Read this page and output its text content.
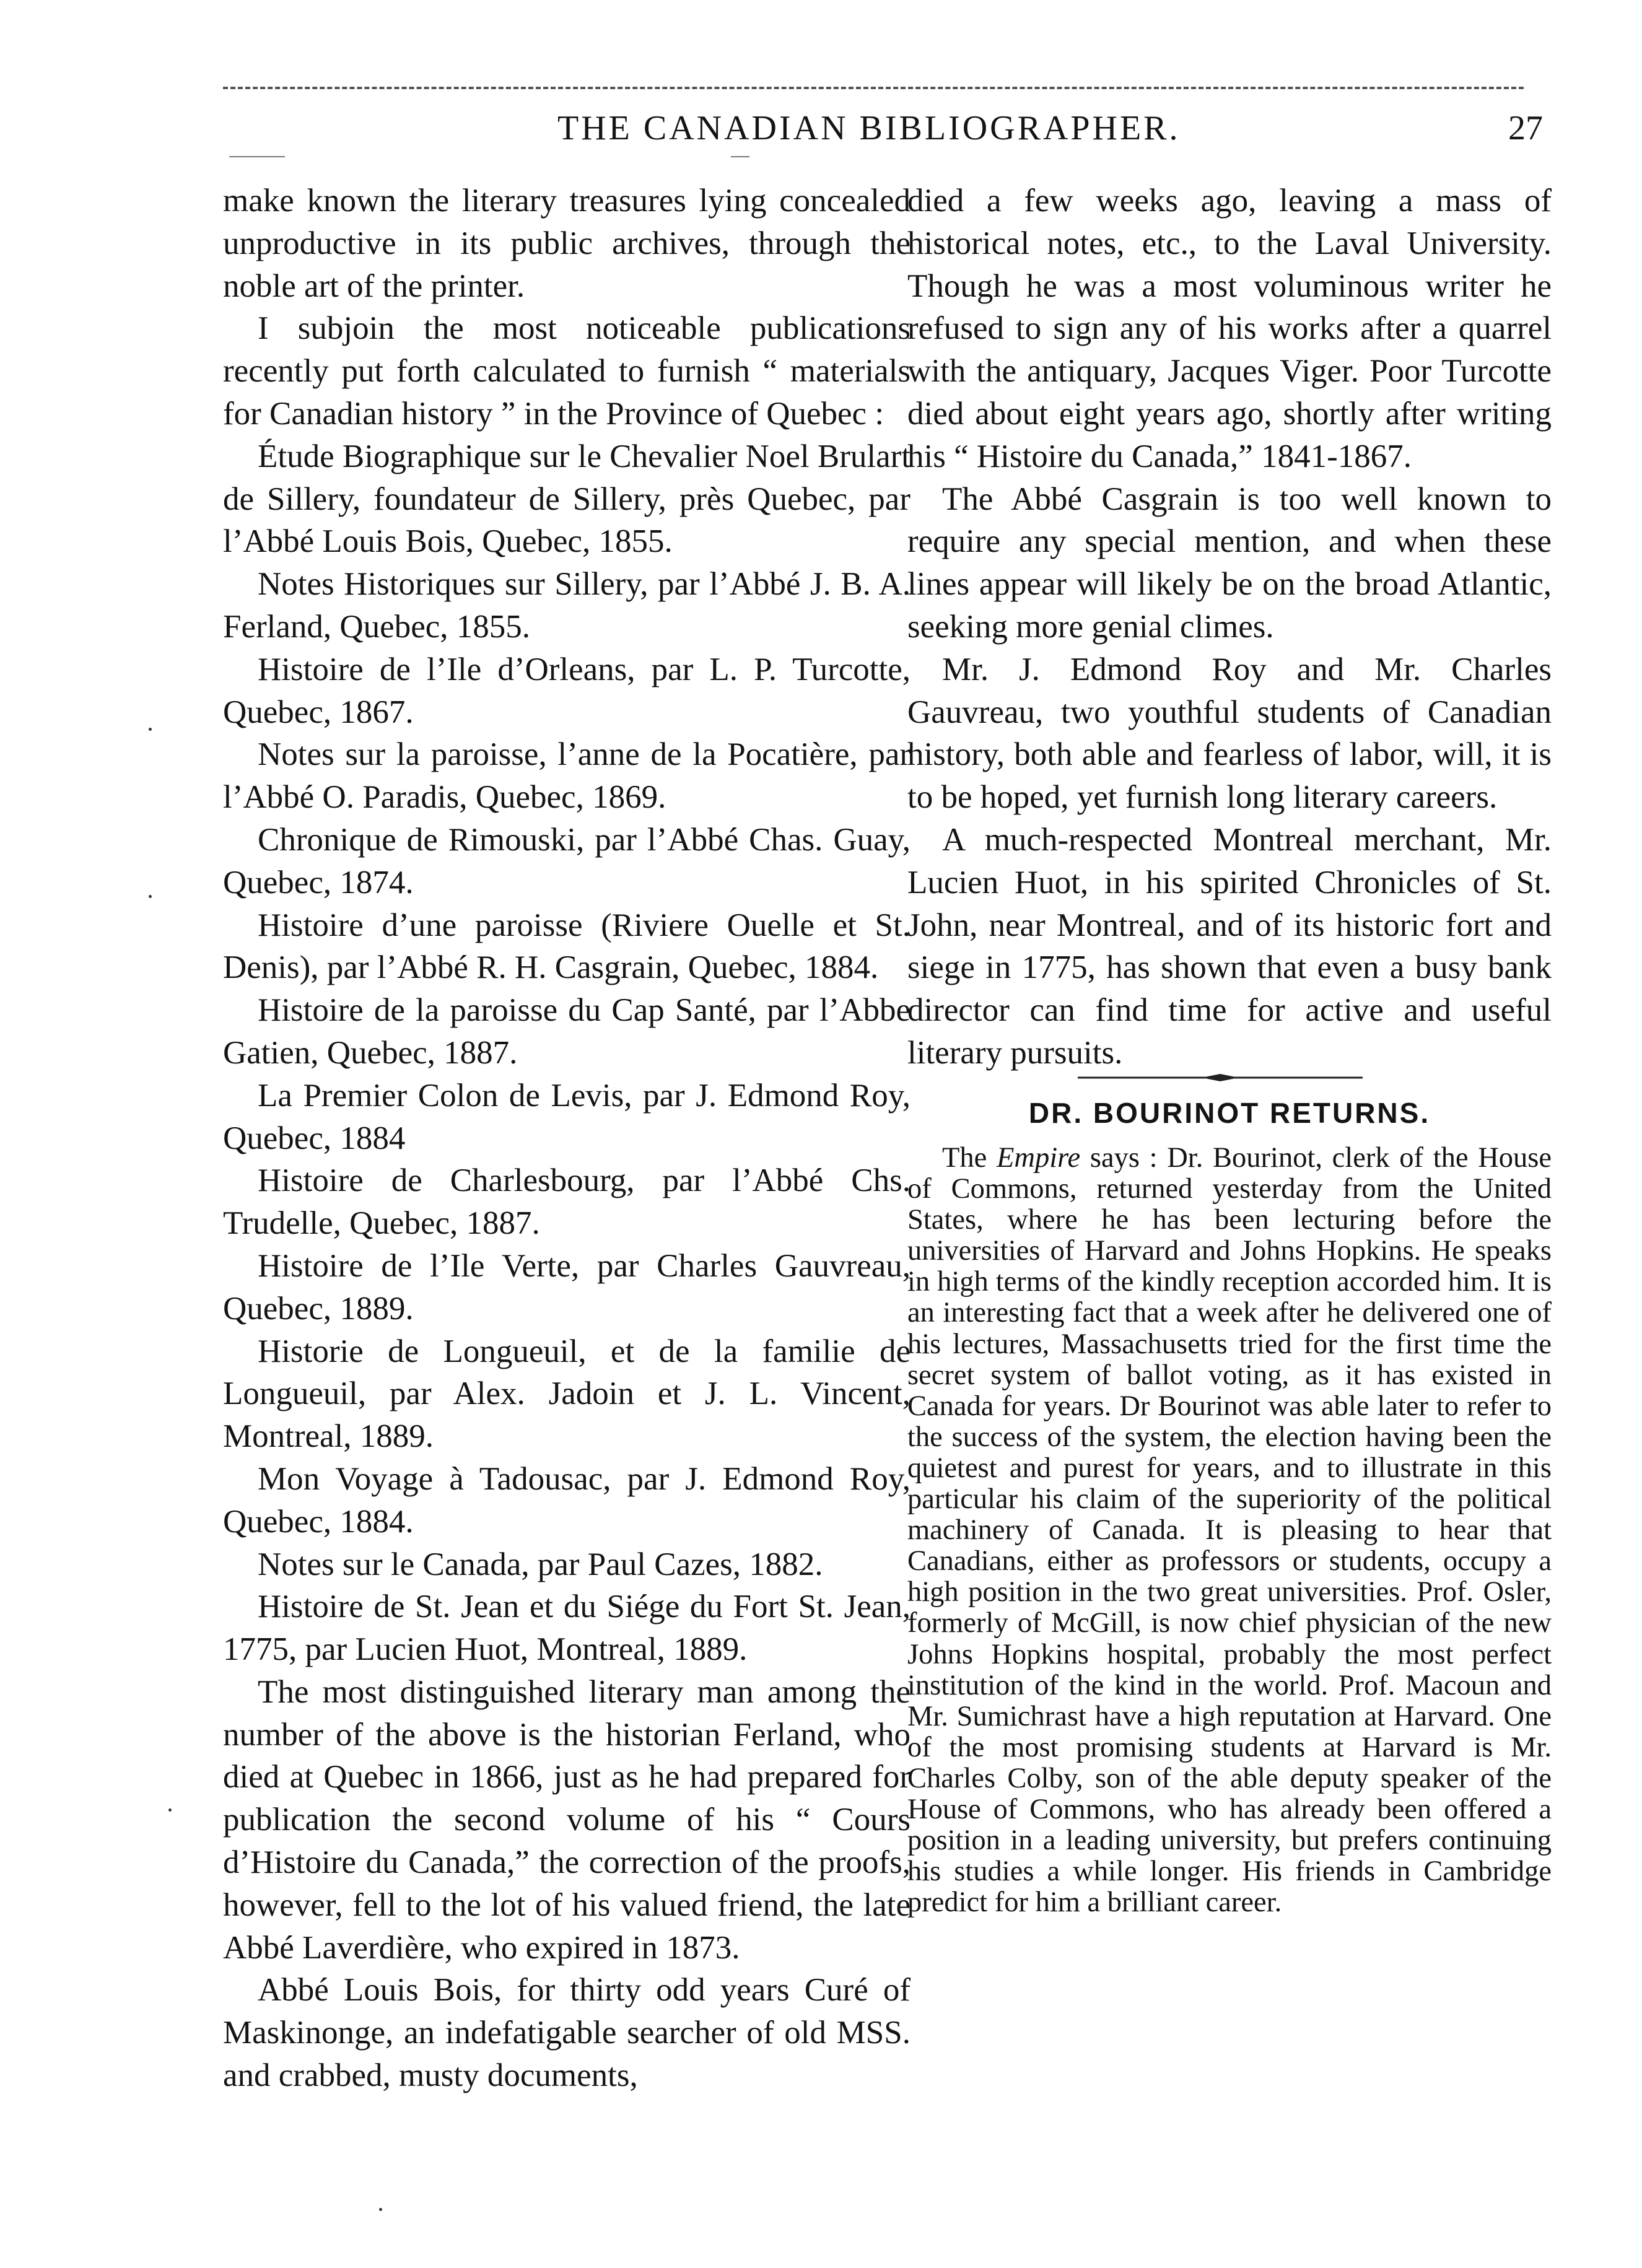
THE CANADIAN BIBLIOGRAPHER.	27

make known the literary treasures lying concealed unproductive in its public archives, through the noble art of the printer.

I subjoin the most noticeable publications recently put forth calculated to furnish “ materials for Canadian history ” in the Province of Quebec :

Étude Biographique sur le Chevalier Noel Brulart de Sillery, foundateur de Sillery, près Quebec, par l’Abbé Louis Bois, Quebec, 1855.

Notes Historiques sur Sillery, par l’Abbé J. B. A. Ferland, Quebec, 1855.

Histoire de l’Ile d’Orleans, par L. P. Turcotte, Quebec, 1867.

Notes sur la paroisse, l’anne de la Pocatière, par l’Abbé O. Paradis, Quebec, 1869.

Chronique de Rimouski, par l’Abbé Chas. Guay, Quebec, 1874.

Histoire d’une paroisse (Riviere Ouelle et St. Denis), par l’Abbé R. H. Casgrain, Quebec, 1884.

Histoire de la paroisse du Cap Santé, par l’Abbe Gatien, Quebec, 1887.

La Premier Colon de Levis, par J. Edmond Roy, Quebec, 1884

Histoire de Charlesbourg, par l’Abbé Chs. Trudelle, Quebec, 1887.

Histoire de l’Ile Verte, par Charles Gauvreau, Quebec, 1889.

Historie de Longueuil, et de la familie de Longueuil, par Alex. Jadoin et J. L. Vincent, Montreal, 1889.

Mon Voyage à Tadousac, par J. Edmond Roy, Quebec, 1884.

Notes sur le Canada, par Paul Cazes, 1882.

Histoire de St. Jean et du Siége du Fort St. Jean, 1775, par Lucien Huot, Montreal, 1889.

The most distinguished literary man among the number of the above is the historian Ferland, who died at Quebec in 1866, just as he had prepared for publication the second volume of his “ Cours d’Histoire du Canada,” the correction of the proofs, however, fell to the lot of his valued friend, the late Abbé Laverdière, who expired in 1873.

Abbé Louis Bois, for thirty odd years Curé of Maskinonge, an indefatigable searcher of old MSS. and crabbed, musty documents,

died a few weeks ago, leaving a mass of historical notes, etc., to the Laval University. Though he was a most voluminous writer he refused to sign any of his works after a quarrel with the antiquary, Jacques Viger. Poor Turcotte died about eight years ago, shortly after writing his “ Histoire du Canada,” 1841-1867.

The Abbé Casgrain is too well known to require any special mention, and when these lines appear will likely be on the broad Atlantic, seeking more genial climes.

Mr. J. Edmond Roy and Mr. Charles Gauvreau, two youthful students of Canadian history, both able and fearless of labor, will, it is to be hoped, yet furnish long literary careers.

A much-respected Montreal merchant, Mr. Lucien Huot, in his spirited Chronicles of St. John, near Montreal, and of its historic fort and siege in 1775, has shown that even a busy bank director can find time for active and useful literary pursuits.

DR. BOURINOT RETURNS.

The Empire says : Dr. Bourinot, clerk of the House of Commons, returned yesterday from the United States, where he has been lecturing before the universities of Harvard and Johns Hopkins. He speaks in high terms of the kindly reception accorded him. It is an interesting fact that a week after he delivered one of his lectures, Massachusetts tried for the first time the secret system of ballot voting, as it has existed in Canada for years. Dr Bourinot was able later to refer to the success of the system, the election having been the quietest and purest for years, and to illustrate in this particular his claim of the superiority of the political machinery of Canada. It is pleasing to hear that Canadians, either as professors or students, occupy a high position in the two great universities. Prof. Osler, formerly of McGill, is now chief physician of the new Johns Hopkins hospital, probably the most perfect institution of the kind in the world. Prof. Macoun and Mr. Sumichrast have a high reputation at Harvard. One of the most promising students at Harvard is Mr. Charles Colby, son of the able deputy speaker of the House of Commons, who has already been offered a position in a leading university, but prefers continuing his studies a while longer. His friends in Cambridge predict for him a brilliant career.
